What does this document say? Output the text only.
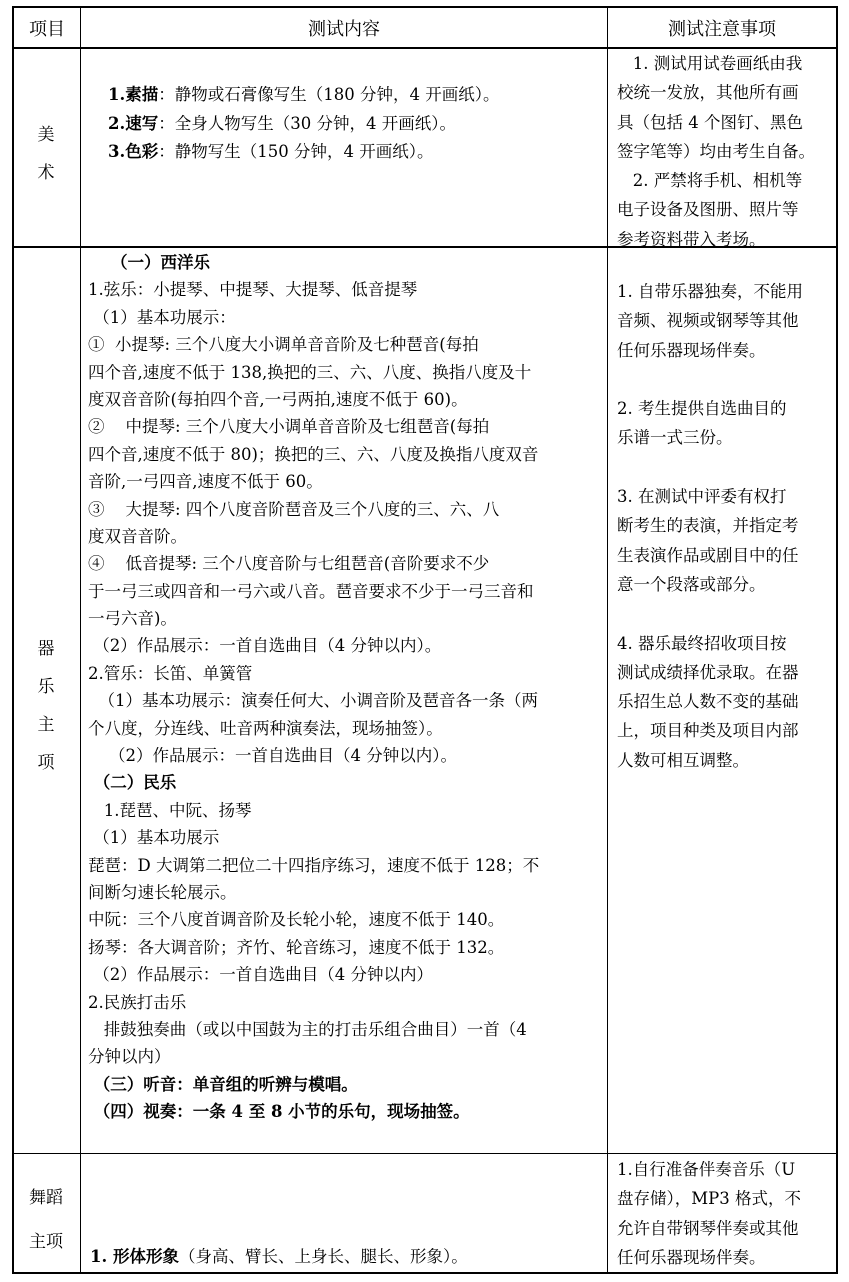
项目	测试内容	测试注意事项
美
术
1.素描：静物或石膏像写生（180 分钟，4 开画纸）。
2.速写：全身人物写生（30 分钟，4 开画纸）。
3.色彩：静物写生（150 分钟，4 开画纸）。
1. 测试用试卷画纸由我
校统一发放，其他所有画
具（包括 4 个图钉、黑色
签字笔等）均由考生自备。
2. 严禁将手机、相机等
电子设备及图册、照片等
参考资料带入考场。
器
乐
主
项
（一）西洋乐
1.弦乐：小提琴、中提琴、大提琴、低音提琴
（1）基本功展示：
①  小提琴: 三个八度大小调单音音阶及七种琶音(每拍
四个音,速度不低于 138,换把的三、六、八度、换指八度及十
度双音音阶(每拍四个音,一弓两拍,速度不低于 60)。
②    中提琴: 三个八度大小调单音音阶及七组琶音(每拍
四个音,速度不低于 80)；换把的三、六、八度及换指八度双音
音阶,一弓四音,速度不低于 60。
③    大提琴: 四个八度音阶琶音及三个八度的三、六、八
度双音音阶。
④    低音提琴: 三个八度音阶与七组琶音(音阶要求不少
于一弓三或四音和一弓六或八音。琶音要求不少于一弓三音和
一弓六音)。
（2）作品展示：一首自选曲目（4 分钟以内）。
2.管乐：长笛、单簧管
（1）基本功展示：演奏任何大、小调音阶及琶音各一条（两
个八度，分连线、吐音两种演奏法，现场抽签）。
（2）作品展示：一首自选曲目（4 分钟以内）。
（二）民乐
1.琵琶、中阮、扬琴
（1）基本功展示
琵琶：D 大调第二把位二十四指序练习，速度不低于 128；不
间断匀速长轮展示。
中阮：三个八度首调音阶及长轮小轮，速度不低于 140。
扬琴：各大调音阶；齐竹、轮音练习，速度不低于 132。
（2）作品展示：一首自选曲目（4 分钟以内）
2.民族打击乐
排鼓独奏曲（或以中国鼓为主的打击乐组合曲目）一首（4
分钟以内）
（三）听音：单音组的听辨与模唱。
（四）视奏：一条 4 至 8 小节的乐句，现场抽签。
1. 自带乐器独奏，不能用
音频、视频或钢琴等其他
任何乐器现场伴奏。
2. 考生提供自选曲目的
乐谱一式三份。
3. 在测试中评委有权打
断考生的表演，并指定考
生表演作品或剧目中的任
意一个段落或部分。
4. 器乐最终招收项目按
测试成绩择优录取。在器
乐招生总人数不变的基础
上，项目种类及项目内部
人数可相互调整。
舞蹈
主项
1. 形体形象（身高、臂长、上身长、腿长、形象）。
1.自行准备伴奏音乐（U
盘存储），MP3 格式，不
允许自带钢琴伴奏或其他
任何乐器现场伴奏。
